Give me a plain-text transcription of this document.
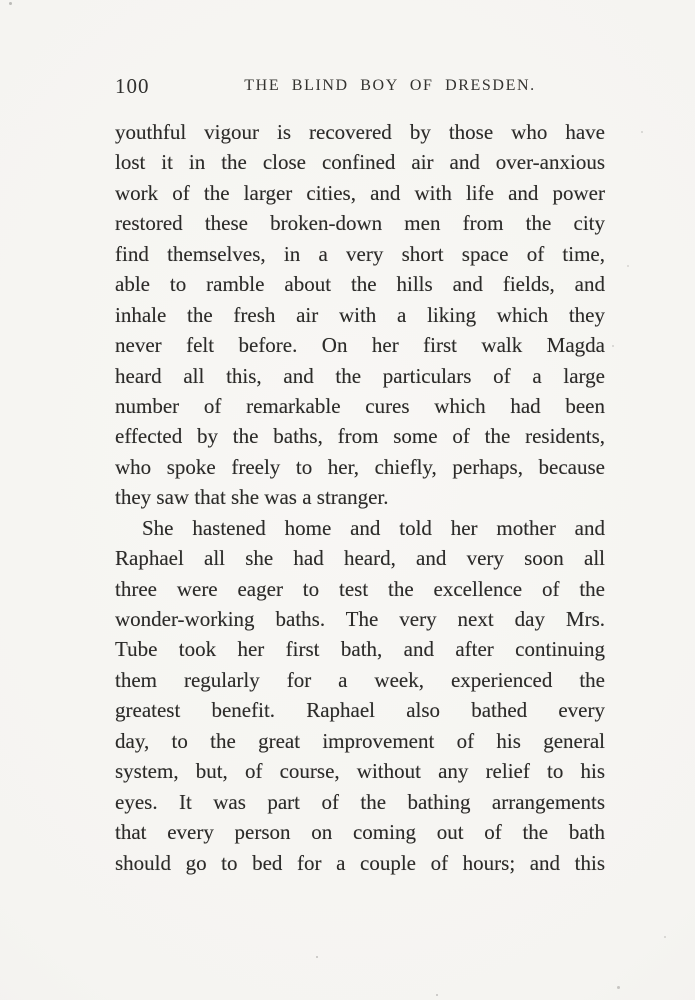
100	THE BLIND BOY OF DRESDEN.

youthful vigour is recovered by those who have

lost it in the close confined air and over-anxious

work of the larger cities, and with life and power

restored these broken-down men from the city

find themselves, in a very short space of time,

able to ramble about the hills and fields, and

inhale the fresh air with a liking which they

never felt before. On her first walk Magda

heard all this, and the particulars of a large

number of remarkable cures which had been

effected by the baths, from some of the residents,

who spoke freely to her, chiefly, perhaps, because

they saw that she was a stranger.

She hastened home and told her mother and

Raphael all she had heard, and very soon all

three were eager to test the excellence of the

wonder-working baths. The very next day Mrs.

Tube took her first bath, and after continuing

them regularly for a week, experienced the

greatest benefit. Raphael also bathed every

day, to the great improvement of his general

system, but, of course, without any relief to his

eyes. It was part of the bathing arrangements

that every person on coming out of the bath

should go to bed for a couple of hours; and this
